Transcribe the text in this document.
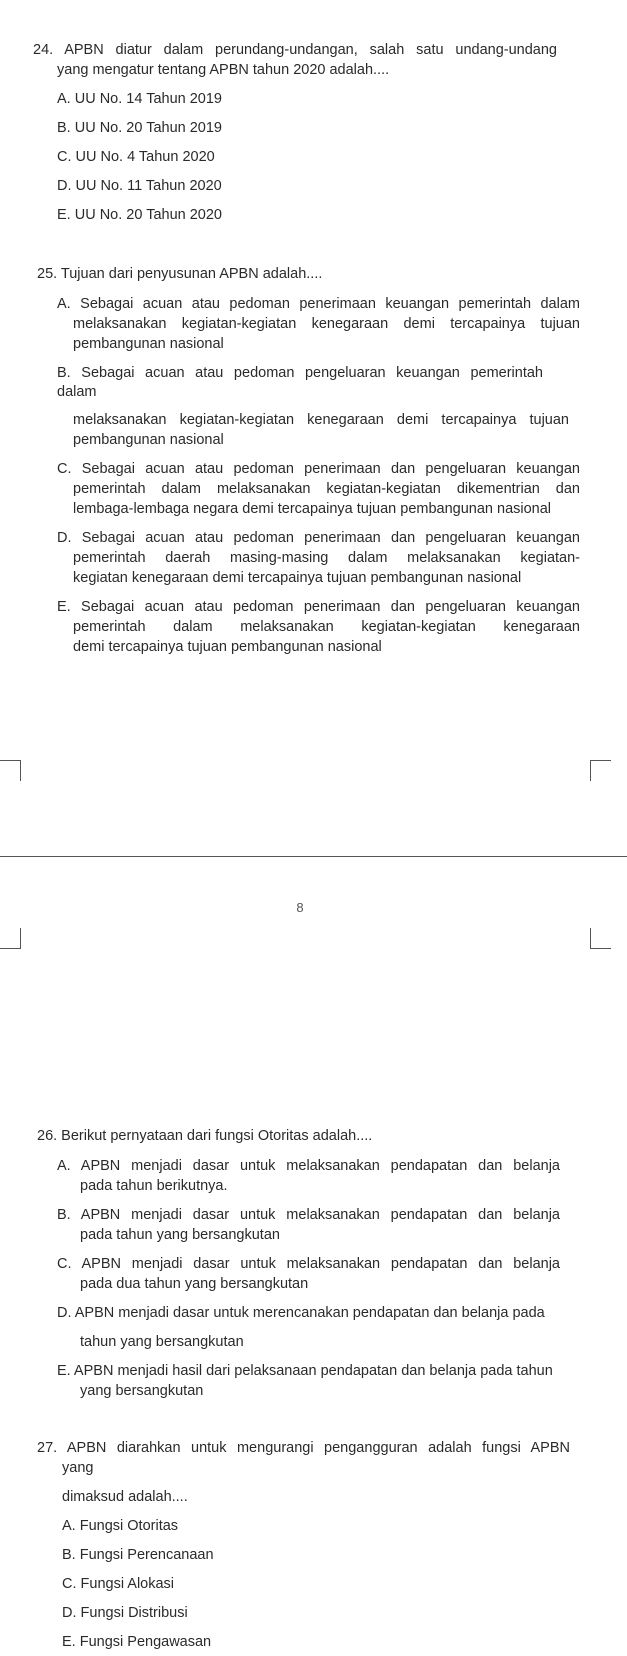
24. APBN diatur dalam perundang-undangan, salah satu undang-undang
yang mengatur tentang APBN tahun 2020 adalah....
A. UU No. 14 Tahun 2019
B. UU No. 20 Tahun 2019
C. UU No. 4 Tahun 2020
D. UU No. 11 Tahun 2020
E. UU No. 20 Tahun 2020
25. Tujuan dari penyusunan APBN adalah....
A. Sebagai acuan atau pedoman penerimaan keuangan pemerintah dalam
melaksanakan kegiatan-kegiatan kenegaraan demi tercapainya tujuan
pembangunan nasional
B. Sebagai acuan atau pedoman pengeluaran keuangan pemerintah
dalam
melaksanakan kegiatan-kegiatan kenegaraan demi tercapainya tujuan
pembangunan nasional
C. Sebagai acuan atau pedoman penerimaan dan pengeluaran keuangan
pemerintah dalam melaksanakan kegiatan-kegiatan dikementrian dan
lembaga-lembaga negara demi tercapainya tujuan pembangunan nasional
D. Sebagai acuan atau pedoman penerimaan dan pengeluaran keuangan
pemerintah daerah masing-masing dalam melaksanakan kegiatan-
kegiatan kenegaraan demi tercapainya tujuan pembangunan nasional
E. Sebagai acuan atau pedoman penerimaan dan pengeluaran keuangan
pemerintah dalam melaksanakan kegiatan-kegiatan kenegaraan
demi tercapainya tujuan pembangunan nasional
8
26. Berikut pernyataan dari fungsi Otoritas adalah....
A. APBN menjadi dasar untuk melaksanakan pendapatan dan belanja
pada tahun berikutnya.
B. APBN menjadi dasar untuk melaksanakan pendapatan dan belanja
pada tahun yang bersangkutan
C. APBN menjadi dasar untuk melaksanakan pendapatan dan belanja
pada dua tahun yang bersangkutan
D. APBN menjadi dasar untuk merencanakan pendapatan dan belanja pada
tahun yang bersangkutan
E. APBN menjadi hasil dari pelaksanaan pendapatan dan belanja pada tahun
yang bersangkutan
27. APBN diarahkan untuk mengurangi pengangguran adalah fungsi APBN
yang
dimaksud adalah....
A. Fungsi Otoritas
B. Fungsi Perencanaan
C. Fungsi Alokasi
D. Fungsi Distribusi
E. Fungsi Pengawasan
